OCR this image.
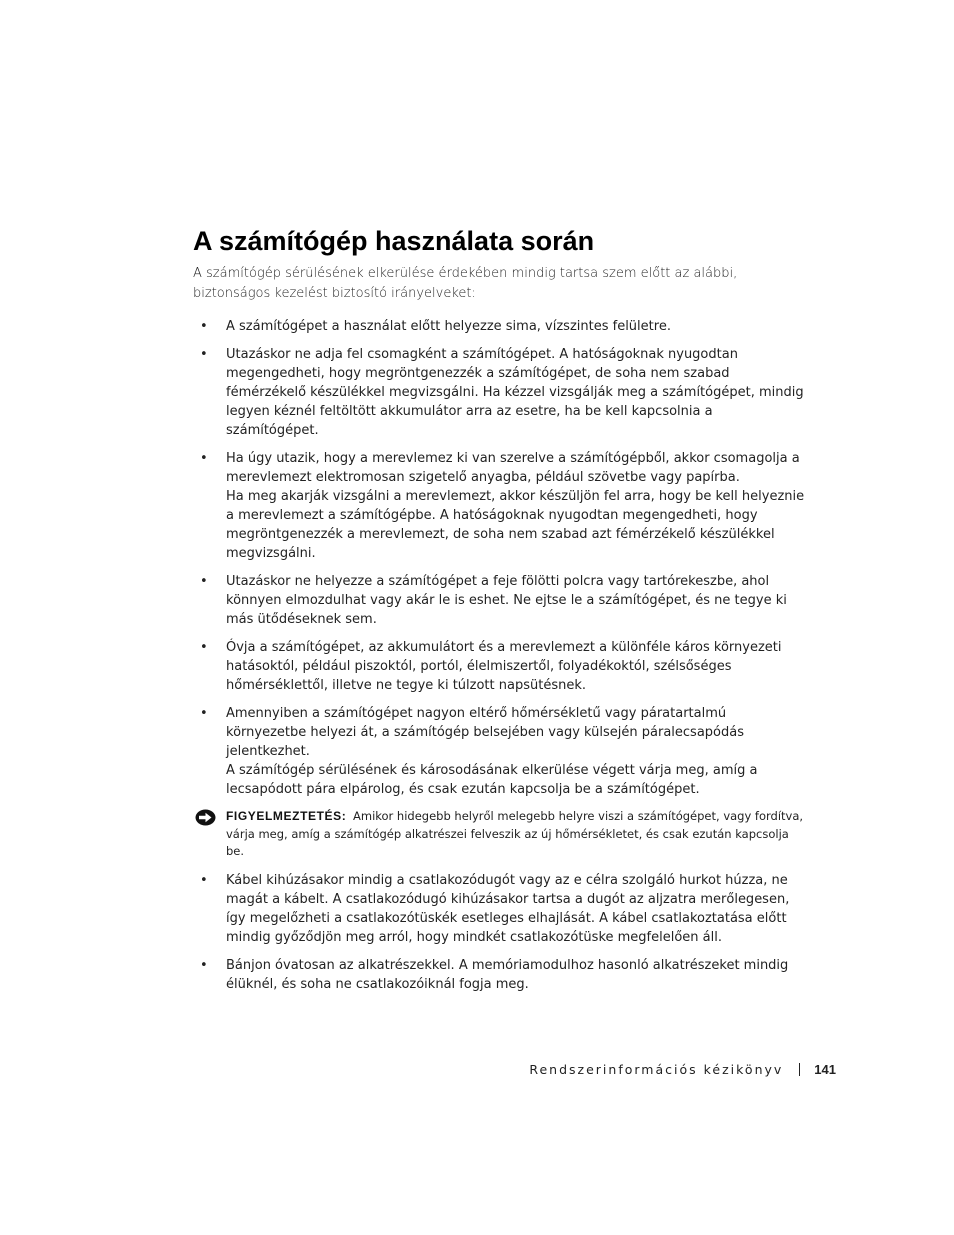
A számítógép használata során

A számítógép sérülésének elkerülése érdekében mindig tartsa szem előtt az alábbi, biztonságos kezelést biztosító irányelveket:

• A számítógépet a használat előtt helyezze sima, vízszintes felületre.
• Utazáskor ne adja fel csomagként a számítógépet. A hatóságoknak nyugodtan megengedheti, hogy megröntgenezzék a számítógépet, de soha nem szabad fémérzékelő készülékkel megvizsgálni. Ha kézzel vizsgálják meg a számítógépet, mindig legyen kéznél feltöltött akkumulátor arra az esetre, ha be kell kapcsolnia a számítógépet.
• Ha úgy utazik, hogy a merevlemez ki van szerelve a számítógépből, akkor csomagolja a merevlemezt elektromosan szigetelő anyagba, például szövetbe vagy papírba.
Ha meg akarják vizsgálni a merevlemezt, akkor készüljön fel arra, hogy be kell helyeznie a merevlemezt a számítógépbe. A hatóságoknak nyugodtan megengedheti, hogy megröntgenezzék a merevlemezt, de soha nem szabad azt fémérzékelő készülékkel megvizsgálni.
• Utazáskor ne helyezze a számítógépet a feje fölötti polcra vagy tartórekeszbe, ahol könnyen elmozdulhat vagy akár le is eshet. Ne ejtse le a számítógépet, és ne tegye ki más ütődéseknek sem.
• Óvja a számítógépet, az akkumulátort és a merevlemezt a különféle káros környezeti hatásoktól, például piszoktól, portól, élelmiszertől, folyadékoktól, szélsőséges hőmérséklettől, illetve ne tegye ki túlzott napsütésnek.
• Amennyiben a számítógépet nagyon eltérő hőmérsékletű vagy páratartalmú környezetbe helyezi át, a számítógép belsejében vagy külsején páralecsapódás jelentkezhet.
A számítógép sérülésének és károsodásának elkerülése végett várja meg, amíg a lecsapódott pára elpárolog, és csak ezután kapcsolja be a számítógépet.
FIGYELMEZTETÉS: Amikor hidegebb helyről melegebb helyre viszi a számítógépet, vagy fordítva, várja meg, amíg a számítógép alkatrészei felveszik az új hőmérsékletet, és csak ezután kapcsolja be.
• Kábel kihúzásakor mindig a csatlakozódugót vagy az e célra szolgáló hurkot húzza, ne magát a kábelt. A csatlakozódugó kihúzásakor tartsa a dugót az aljzatra merőlegesen, így megelőzheti a csatlakozótüskék esetleges elhajlását. A kábel csatlakoztatása előtt mindig győződjön meg arról, hogy mindkét csatlakozótüske megfelelően áll.
• Bánjon óvatosan az alkatrészekkel. A memóriamodulhoz hasonló alkatrészeket mindig élüknél, és soha ne csatlakozóiknál fogja meg.
Rendszerinformációs kézikönyv 141
